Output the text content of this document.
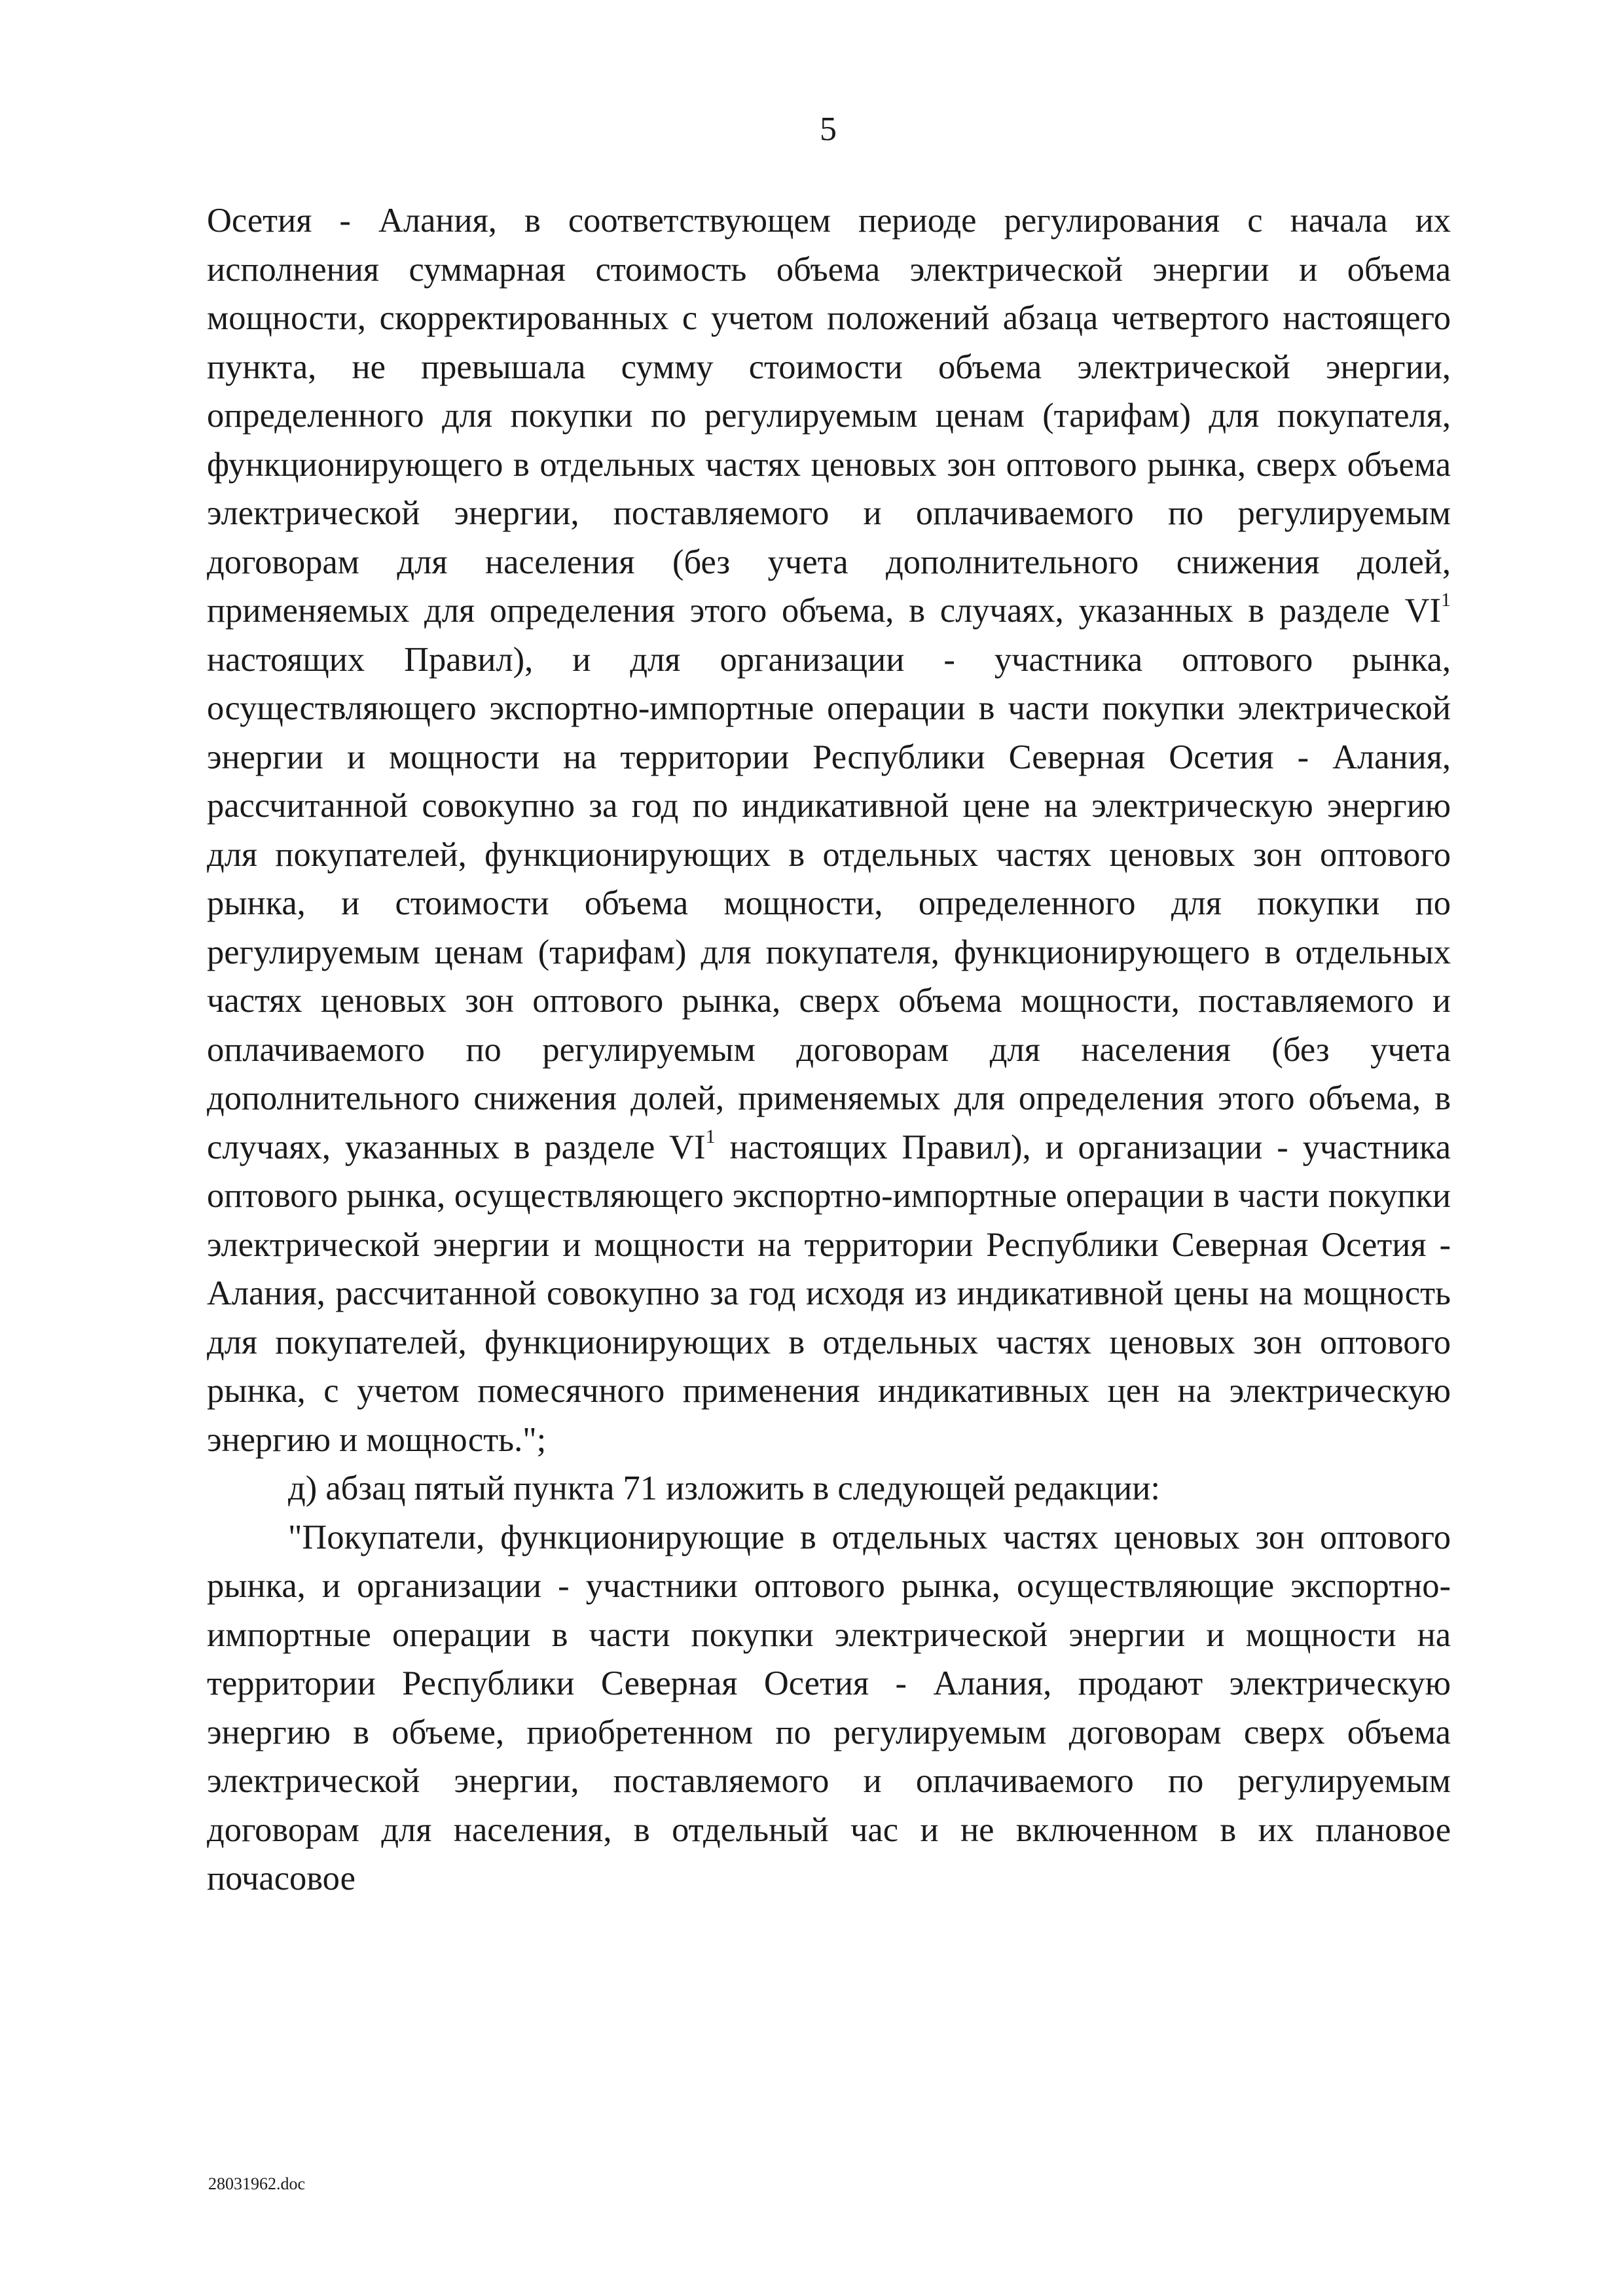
5

Осетия - Алания, в соответствующем периоде регулирования с начала их исполнения суммарная стоимость объема электрической энергии и объема мощности, скорректированных с учетом положений абзаца четвертого настоящего пункта, не превышала сумму стоимости объема электрической энергии, определенного для покупки по регулируемым ценам (тарифам) для покупателя, функционирующего в отдельных частях ценовых зон оптового рынка, сверх объема электрической энергии, поставляемого и оплачиваемого по регулируемым договорам для населения (без учета дополнительного снижения долей, применяемых для определения этого объема, в случаях, указанных в разделе $VI^1$ настоящих Правил), и для организации - участника оптового рынка, осуществляющего экспортно-импортные операции в части покупки электрической энергии и мощности на территории Республики Северная Осетия - Алания, рассчитанной совокупно за год по индикативной цене на электрическую энергию для покупателей, функционирующих в отдельных частях ценовых зон оптового рынка, и стоимости объема мощности, определенного для покупки по регулируемым ценам (тарифам) для покупателя, функционирующего в отдельных частях ценовых зон оптового рынка, сверх объема мощности, поставляемого и оплачиваемого по регулируемым договорам для населения (без учета дополнительного снижения долей, применяемых для определения этого объема, в случаях, указанных в разделе $VI^1$ настоящих Правил), и организации - участника оптового рынка, осуществляющего экспортно-импортные операции в части покупки электрической энергии и мощности на территории Республики Северная Осетия - Алания, рассчитанной совокупно за год исходя из индикативной цены на мощность для покупателей, функционирующих в отдельных частях ценовых зон оптового рынка, с учетом помесячного применения индикативных цен на электрическую энергию и мощность.";

д) абзац пятый пункта 71 изложить в следующей редакции:

"Покупатели, функционирующие в отдельных частях ценовых зон оптового рынка, и организации - участники оптового рынка, осуществляющие экспортно-импортные операции в части покупки электрической энергии и мощности на территории Республики Северная Осетия - Алания, продают электрическую энергию в объеме, приобретенном по регулируемым договорам сверх объема электрической энергии, поставляемого и оплачиваемого по регулируемым договорам для населения, в отдельный час и не включенном в их плановое почасовое

28031962.doc
